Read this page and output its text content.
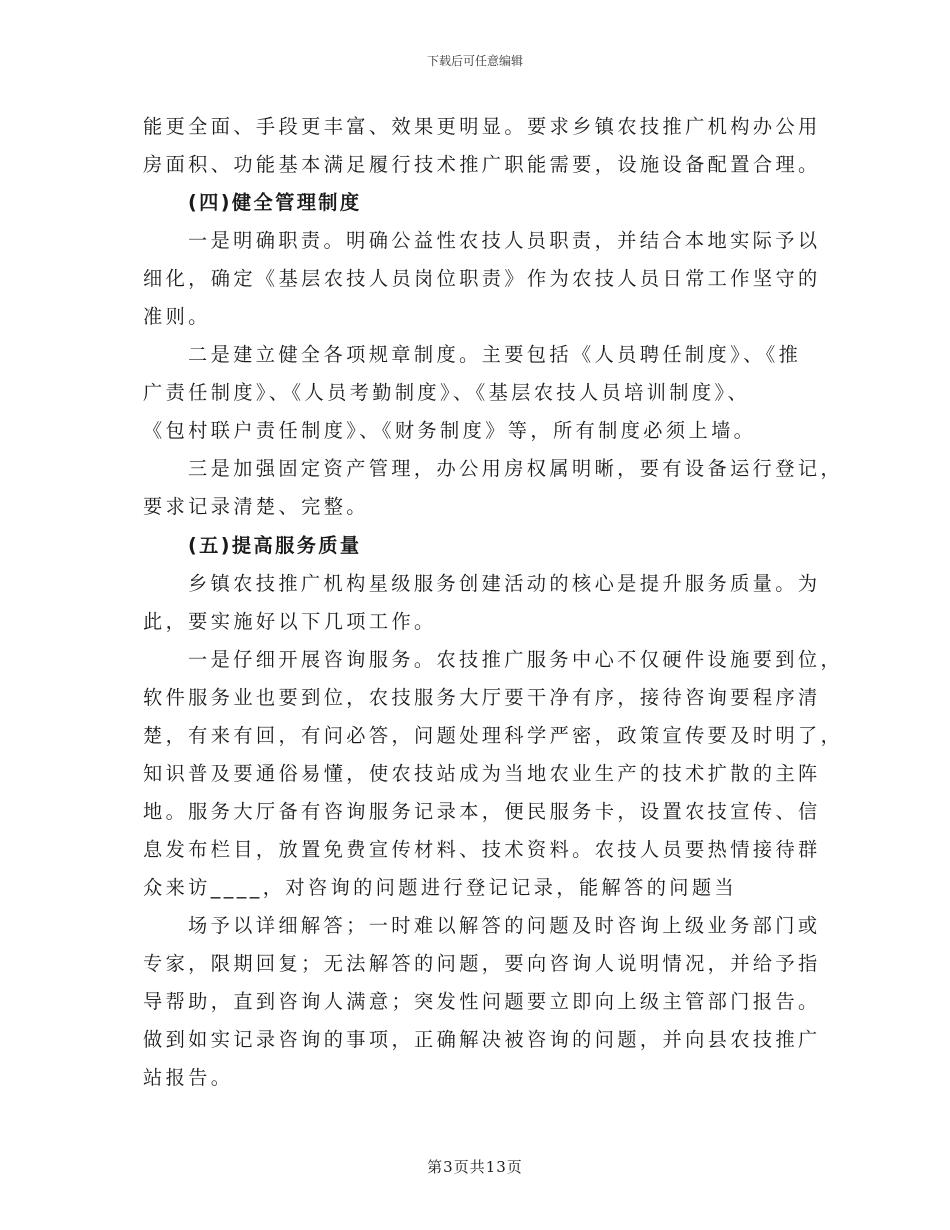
下载后可任意编辑
能更全面、手段更丰富、效果更明显。要求乡镇农技推广机构办公用
房面积、功能基本满足履行技术推广职能需要，设施设备配置合理。
(四)健全管理制度
一是明确职责。明确公益性农技人员职责，并结合本地实际予以
细化，确定《基层农技人员岗位职责》作为农技人员日常工作坚守的
准则。
二是建立健全各项规章制度。主要包括《人员聘任制度》、《推
广责任制度》、《人员考勤制度》、《基层农技人员培训制度》、
《包村联户责任制度》、《财务制度》等，所有制度必须上墙。
三是加强固定资产管理，办公用房权属明晰，要有设备运行登记，
要求记录清楚、完整。
(五)提高服务质量
乡镇农技推广机构星级服务创建活动的核心是提升服务质量。为
此，要实施好以下几项工作。
一是仔细开展咨询服务。农技推广服务中心不仅硬件设施要到位，
软件服务业也要到位，农技服务大厅要干净有序，接待咨询要程序清
楚，有来有回，有问必答，问题处理科学严密，政策宣传要及时明了，
知识普及要通俗易懂，使农技站成为当地农业生产的技术扩散的主阵
地。服务大厅备有咨询服务记录本，便民服务卡，设置农技宣传、信
息发布栏目，放置免费宣传材料、技术资料。农技人员要热情接待群
众来访____，对咨询的问题进行登记记录，能解答的问题当
场予以详细解答；一时难以解答的问题及时咨询上级业务部门或
专家，限期回复；无法解答的问题，要向咨询人说明情况，并给予指
导帮助，直到咨询人满意；突发性问题要立即向上级主管部门报告。
做到如实记录咨询的事项，正确解决被咨询的问题，并向县农技推广
站报告。
第3页共13页
